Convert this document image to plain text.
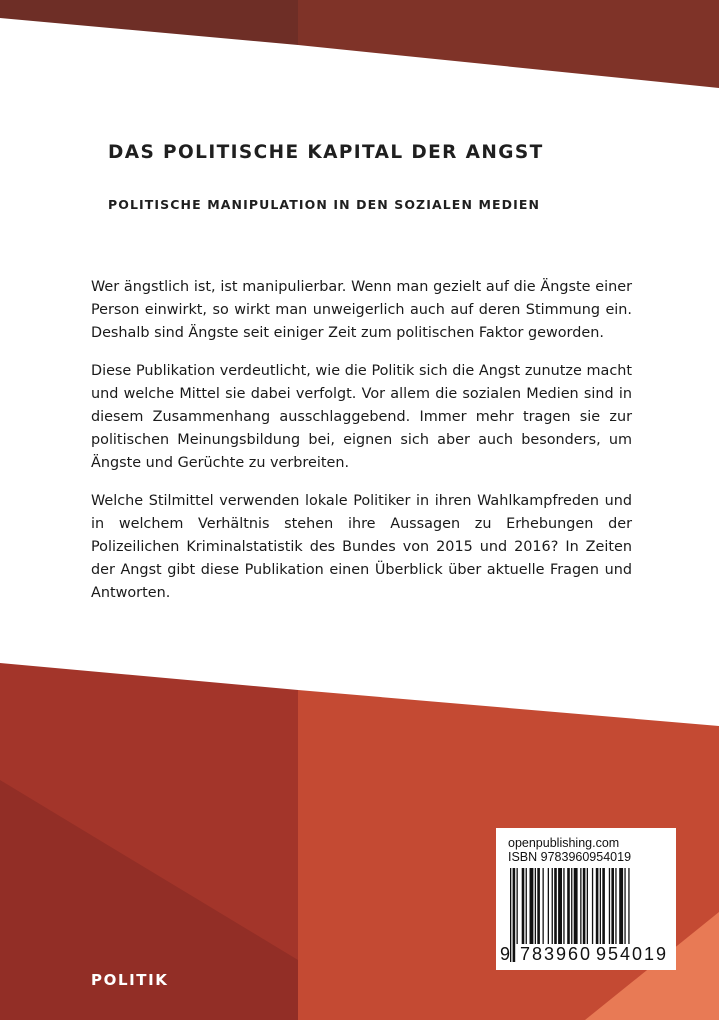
DAS POLITISCHE KAPITAL DER ANGST
POLITISCHE MANIPULATION IN DEN SOZIALEN MEDIEN

Wer ängstlich ist, ist manipulierbar. Wenn man gezielt auf die Ängste einer Person einwirkt, so wirkt man unweigerlich auch auf deren Stimmung ein. Deshalb sind Ängste seit einiger Zeit zum politischen Faktor geworden.

Diese Publikation verdeutlicht, wie die Politik sich die Angst zunutze macht und welche Mittel sie dabei verfolgt. Vor allem die sozialen Medien sind in diesem Zusammenhang ausschlaggebend. Immer mehr tragen sie zur politischen Meinungsbildung bei, eignen sich aber auch besonders, um Ängste und Gerüchte zu verbreiten.

Welche Stilmittel verwenden lokale Politiker in ihren Wahlkampfreden und in welchem Verhältnis stehen ihre Aussagen zu Erhebungen der Polizeilichen Kriminalstatistik des Bundes von 2015 und 2016? In Zeiten der Angst gibt diese Publikation einen Überblick über aktuelle Fragen und Antworten.

openpublishing.com
ISBN 9783960954019
9 783960 954019
POLITIK
